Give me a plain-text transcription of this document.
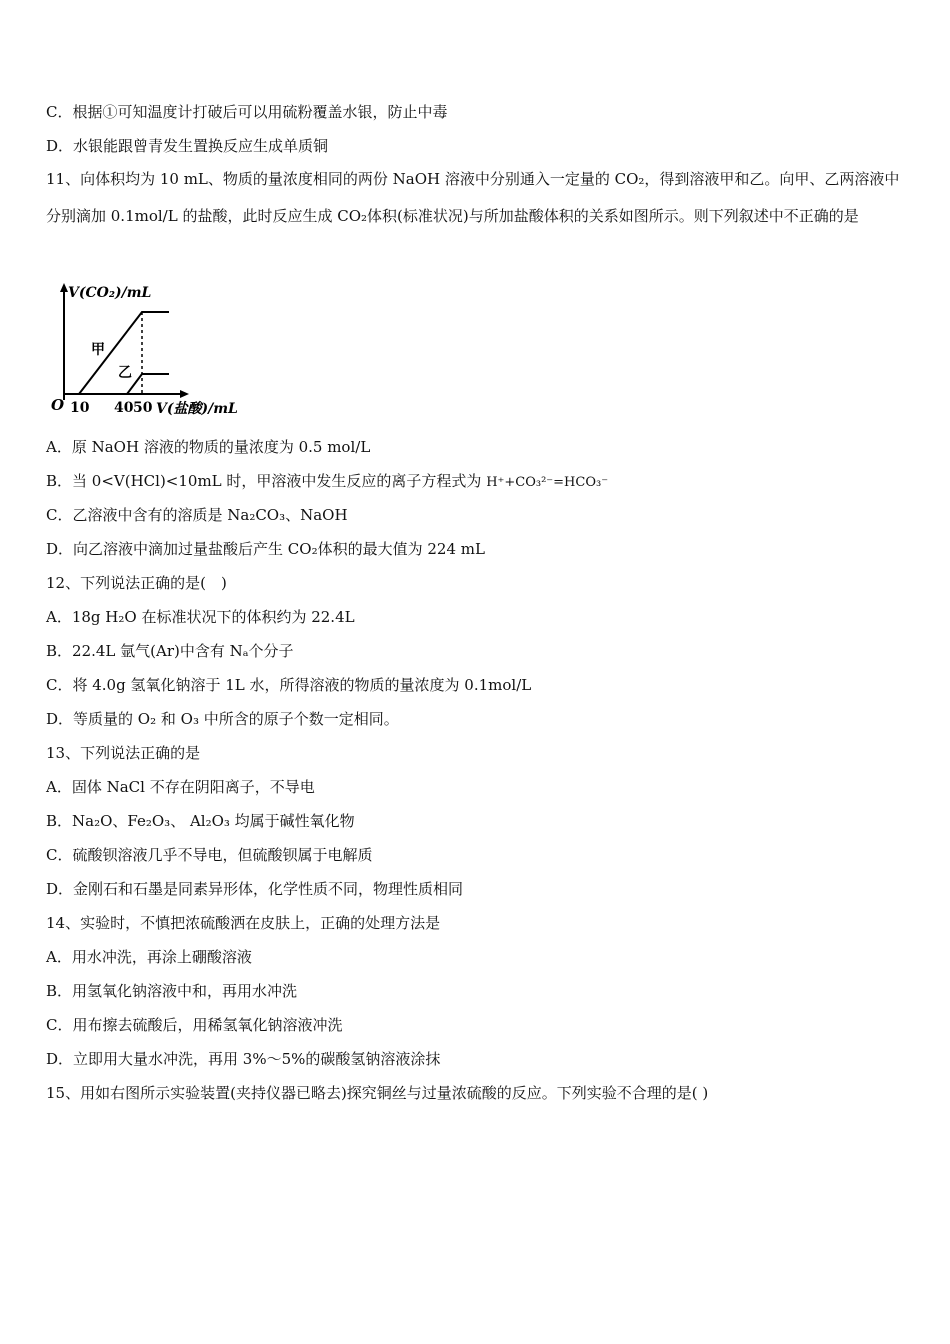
C．根据①可知温度计打破后可以用硫粉覆盖水银，防止中毒
D．水银能跟曾青发生置换反应生成单质铜
11、向体积均为 10 mL、物质的量浓度相同的两份 NaOH 溶液中分别通入一定量的 CO₂，得到溶液甲和乙。向甲、乙两溶液中分别滴加 0.1mol/L 的盐酸，此时反应生成 CO₂体积(标准状况)与所加盐酸体积的关系如图所示。则下列叙述中不正确的是
V(CO₂)/mL
甲
乙
O 10 40 50 V(盐酸)/mL
A．原 NaOH 溶液的物质的量浓度为 0.5 mol/L
B．当 0<V(HCl)<10mL 时，甲溶液中发生反应的离子方程式为 H⁺+CO₃²⁻=HCO₃⁻
C．乙溶液中含有的溶质是 Na₂CO₃、NaOH
D．向乙溶液中滴加过量盐酸后产生 CO₂体积的最大值为 224 mL
12、下列说法正确的是(　)
A．18g H₂O 在标准状况下的体积约为 22.4L
B．22.4L 氩气(Ar)中含有 Nₐ个分子
C．将 4.0g 氢氧化钠溶于 1L 水，所得溶液的物质的量浓度为 0.1mol/L
D．等质量的 O₂ 和 O₃ 中所含的原子个数一定相同。
13、下列说法正确的是
A．固体 NaCl 不存在阴阳离子，不导电
B．Na₂O、Fe₂O₃、 Al₂O₃ 均属于碱性氧化物
C．硫酸钡溶液几乎不导电，但硫酸钡属于电解质
D．金刚石和石墨是同素异形体，化学性质不同，物理性质相同
14、实验时，不慎把浓硫酸洒在皮肤上，正确的处理方法是
A．用水冲洗，再涂上硼酸溶液
B．用氢氧化钠溶液中和，再用水冲洗
C．用布擦去硫酸后，用稀氢氧化钠溶液冲洗
D．立即用大量水冲洗，再用 3%～5%的碳酸氢钠溶液涂抹
15、用如右图所示实验装置(夹持仪器已略去)探究铜丝与过量浓硫酸的反应。下列实验不合理的是( )
